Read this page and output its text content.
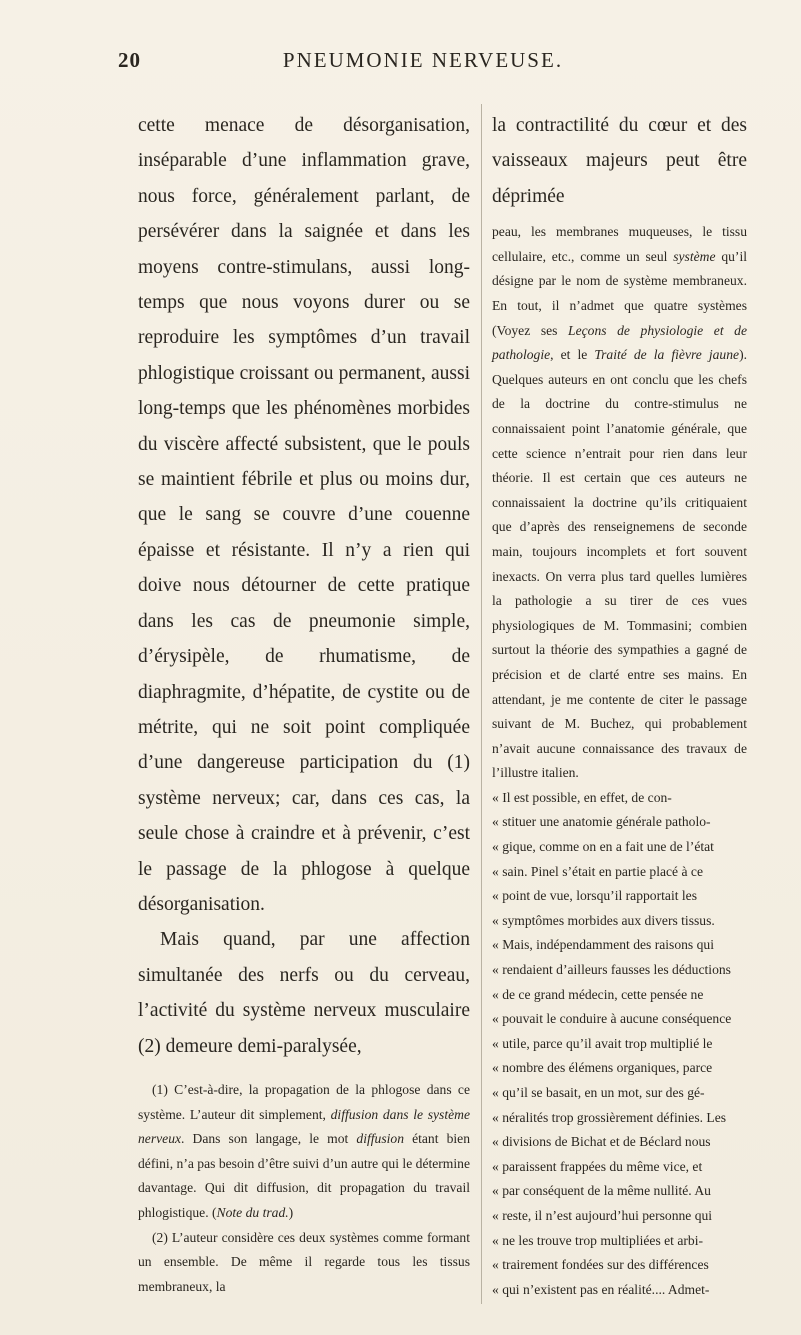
20	PNEUMONIE NERVEUSE.

cette menace de désorganisation, inséparable d’une inflammation grave, nous force, généralement parlant, de persévérer dans la saignée et dans les moyens contre-stimulans, aussi long-temps que nous voyons durer ou se reproduire les symptômes d’un travail phlogistique croissant ou permanent, aussi long-temps que les phénomènes morbides du viscère affecté subsistent, que le pouls se maintient fébrile et plus ou moins dur, que le sang se couvre d’une couenne épaisse et résistante. Il n’y a rien qui doive nous détourner de cette pratique dans les cas de pneumonie simple, d’érysipèle, de rhumatisme, de diaphragmite, d’hépatite, de cystite ou de métrite, qui ne soit point compliquée d’une dangereuse participation du (1) système nerveux; car, dans ces cas, la seule chose à craindre et à prévenir, c’est le passage de la phlogose à quelque désorganisation.

Mais quand, par une affection simultanée des nerfs ou du cerveau, l’activité du système nerveux musculaire (2) demeure demi-paralysée,

(1) C’est-à-dire, la propagation de la phlogose dans ce système. L’auteur dit simplement, diffusion dans le système nerveux. Dans son langage, le mot diffusion étant bien défini, n’a pas besoin d’être suivi d’un autre qui le détermine davantage. Qui dit diffusion, dit propagation du travail phlogistique. (Note du trad.)

(2) L’auteur considère ces deux systèmes comme formant un ensemble. De même il regarde tous les tissus membraneux, la

la contractilité du cœur et des vaisseaux majeurs peut être déprimée

peau, les membranes muqueuses, le tissu cellulaire, etc., comme un seul système qu’il désigne par le nom de système membraneux. En tout, il n’admet que quatre systèmes (Voyez ses Leçons de physiologie et de pathologie, et le Traité de la fièvre jaune). Quelques auteurs en ont conclu que les chefs de la doctrine du contre-stimulus ne connaissaient point l’anatomie générale, que cette science n’entrait pour rien dans leur théorie. Il est certain que ces auteurs ne connaissaient la doctrine qu’ils critiquaient que d’après des renseignemens de seconde main, toujours incomplets et fort souvent inexacts. On verra plus tard quelles lumières la pathologie a su tirer de ces vues physiologiques de M. Tommasini; combien surtout la théorie des sympathies a gagné de précision et de clarté entre ses mains. En attendant, je me contente de citer le passage suivant de M. Buchez, qui probablement n’avait aucune connaissance des travaux de l’illustre italien.

« Il est possible, en effet, de con-
« stituer une anatomie générale patholo-
« gique, comme on en a fait une de l’état
« sain. Pinel s’était en partie placé à ce
« point de vue, lorsqu’il rapportait les
« symptômes morbides aux divers tissus.
« Mais, indépendamment des raisons qui
« rendaient d’ailleurs fausses les déductions
« de ce grand médecin, cette pensée ne
« pouvait le conduire à aucune conséquence
« utile, parce qu’il avait trop multiplié le
« nombre des élémens organiques, parce
« qu’il se basait, en un mot, sur des gé-
« néralités trop grossièrement définies. Les
« divisions de Bichat et de Béclard nous
« paraissent frappées du même vice, et
« par conséquent de la même nullité. Au
« reste, il n’est aujourd’hui personne qui
« ne les trouve trop multipliées et arbi-
« trairement fondées sur des différences
« qui n’existent pas en réalité.... Admet-
